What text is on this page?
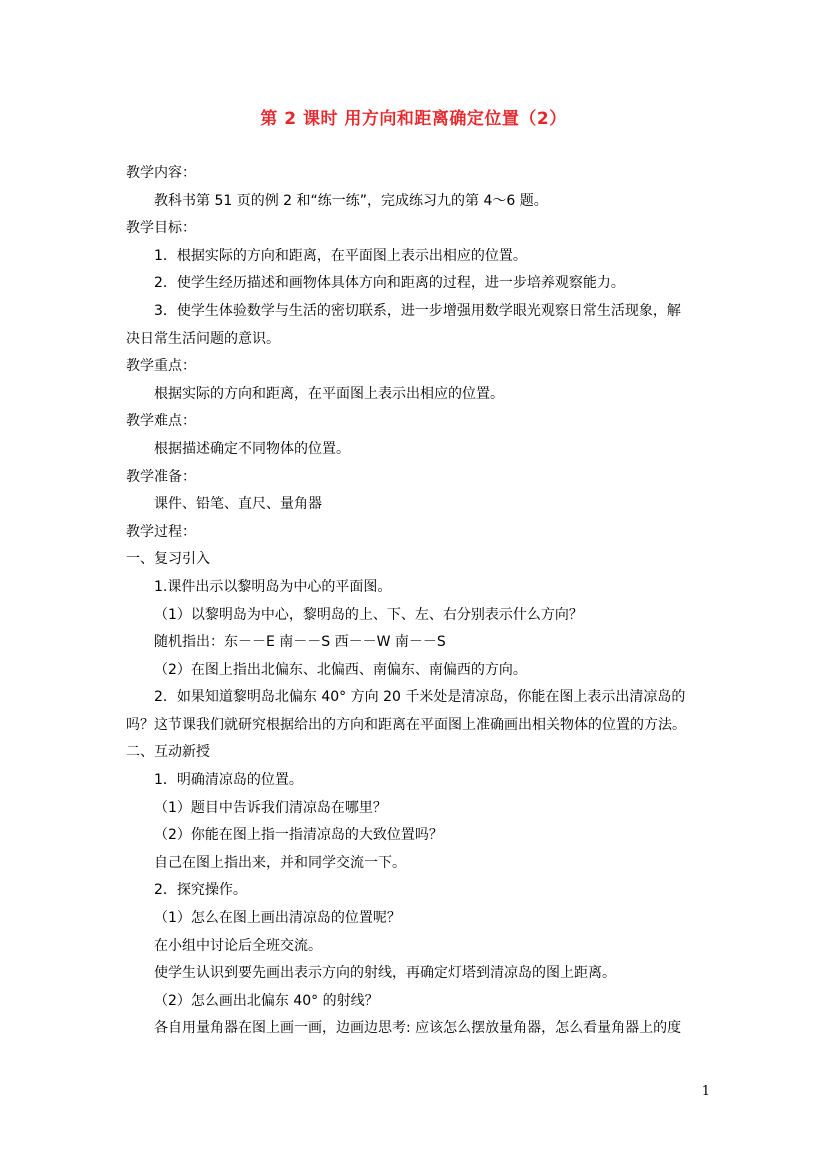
第 2 课时 用方向和距离确定位置（2）
教学内容：
教科书第 51 页的例 2 和“练一练”，完成练习九的第 4～6 题。
教学目标：
1．根据实际的方向和距离，在平面图上表示出相应的位置。
2．使学生经历描述和画物体具体方向和距离的过程，进一步培养观察能力。
3．使学生体验数学与生活的密切联系，进一步增强用数学眼光观察日常生活现象，解
决日常生活问题的意识。
教学重点：
根据实际的方向和距离，在平面图上表示出相应的位置。
教学难点：
根据描述确定不同物体的位置。
教学准备：
课件、铅笔、直尺、量角器
教学过程：
一、复习引入
1.课件出示以黎明岛为中心的平面图。
（1）以黎明岛为中心，黎明岛的上、下、左、右分别表示什么方向？
随机指出：东－－E 南－－S 西－－W 南－－S
（2）在图上指出北偏东、北偏西、南偏东、南偏西的方向。
2．如果知道黎明岛北偏东 40° 方向 20 千米处是清凉岛，你能在图上表示出清凉岛的
吗？这节课我们就研究根据给出的方向和距离在平面图上准确画出相关物体的位置的方法。
二、互动新授
1．明确清凉岛的位置。
（1）题目中告诉我们清凉岛在哪里？
（2）你能在图上指一指清凉岛的大致位置吗？
自己在图上指出来，并和同学交流一下。
2．探究操作。
（1）怎么在图上画出清凉岛的位置呢？
在小组中讨论后全班交流。
使学生认识到要先画出表示方向的射线，再确定灯塔到清凉岛的图上距离。
（2）怎么画出北偏东 40° 的射线？
各自用量角器在图上画一画，边画边思考: 应该怎么摆放量角器，怎么看量角器上的度
1
